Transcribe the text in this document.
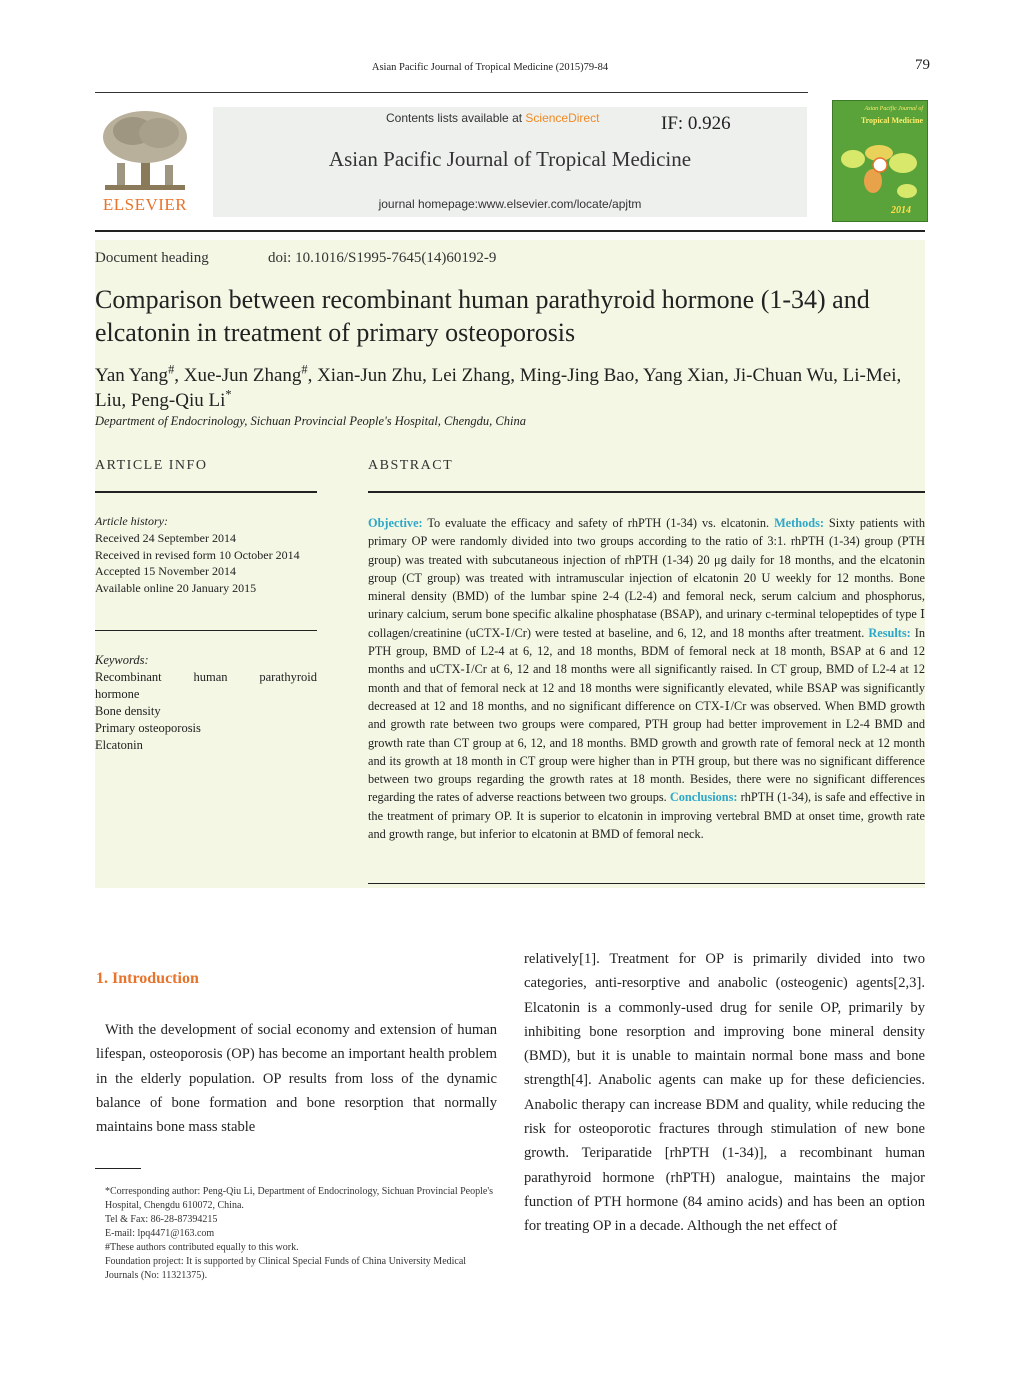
Asian Pacific Journal of Tropical Medicine (2015)79-84	79
ELSEVIER
Contents lists available at ScienceDirect	IF: 0.926
Asian Pacific Journal of Tropical Medicine
journal homepage:www.elsevier.com/locate/apjtm
Asian Pacific Journal of
Tropical Medicine
2014
Document heading	doi: 10.1016/S1995-7645(14)60192-9
Comparison between recombinant human parathyroid hormone (1-34) and elcatonin in treatment of primary osteoporosis
Yan Yang#, Xue-Jun Zhang#, Xian-Jun Zhu, Lei Zhang, Ming-Jing Bao, Yang Xian, Ji-Chuan Wu, Li-Mei, Liu, Peng-Qiu Li*
Department of Endocrinology, Sichuan Provincial People's Hospital, Chengdu, China
ARTICLE INFO	ABSTRACT
Article history:
Received 24 September 2014
Received in revised form 10 October 2014
Accepted 15 November 2014
Available online 20 January 2015
Keywords:
Recombinant human parathyroid
hormone
Bone density
Primary osteoporosis
Elcatonin
Objective: To evaluate the efficacy and safety of rhPTH (1-34) vs. elcatonin. Methods: Sixty patients with primary OP were randomly divided into two groups according to the ratio of 3:1. rhPTH (1-34) group (PTH group) was treated with subcutaneous injection of rhPTH (1-34) 20 μg daily for 18 months, and the elcatonin group (CT group) was treated with intramuscular injection of elcatonin 20 U weekly for 12 months. Bone mineral density (BMD) of the lumbar spine 2-4 (L2-4) and femoral neck, serum calcium and phosphorus, urinary calcium, serum bone specific alkaline phosphatase (BSAP), and urinary c-terminal telopeptides of type Ⅰ collagen/creatinine (uCTX-Ⅰ/Cr) were tested at baseline, and 6, 12, and 18 months after treatment. Results: In PTH group, BMD of L2-4 at 6, 12, and 18 months, BDM of femoral neck at 18 month, BSAP at 6 and 12 months and uCTX-Ⅰ/Cr at 6, 12 and 18 months were all significantly raised. In CT group, BMD of L2-4 at 12 month and that of femoral neck at 12 and 18 months were significantly elevated, while BSAP was significantly decreased at 12 and 18 months, and no significant difference on CTX-Ⅰ/Cr was observed. When BMD growth and growth rate between two groups were compared, PTH group had better improvement in L2-4 BMD and growth rate than CT group at 6, 12, and 18 months. BMD growth and growth rate of femoral neck at 12 month and its growth at 18 month in CT group were higher than in PTH group, but there was no significant difference between two groups regarding the growth rates at 18 month. Besides, there were no significant differences regarding the rates of adverse reactions between two groups. Conclusions: rhPTH (1-34), is safe and effective in the treatment of primary OP. It is superior to elcatonin in improving vertebral BMD at onset time, growth rate and growth range, but inferior to elcatonin at BMD of femoral neck.
1. Introduction
With the development of social economy and extension of human lifespan, osteoporosis (OP) has become an important health problem in the elderly population. OP results from loss of the dynamic balance of bone formation and bone resorption that normally maintains bone mass stable
relatively[1]. Treatment for OP is primarily divided into two categories, anti-resorptive and anabolic (osteogenic) agents[2,3]. Elcatonin is a commonly-used drug for senile OP, primarily by inhibiting bone resorption and improving bone mineral density (BMD), but it is unable to maintain normal bone mass and bone strength[4]. Anabolic agents can make up for these deficiencies. Anabolic therapy can increase BDM and quality, while reducing the risk for osteoporotic fractures through stimulation of new bone growth. Teriparatide [rhPTH (1-34)], a recombinant human parathyroid hormone (rhPTH) analogue, maintains the major function of PTH hormone (84 amino acids) and has been an option for treating OP in a decade. Although the net effect of
*Corresponding author: Peng-Qiu Li, Department of Endocrinology, Sichuan Provincial People's Hospital, Chengdu 610072, China.
Tel & Fax: 86-28-87394215
E-mail: lpq4471@163.com
#These authors contributed equally to this work.
Foundation project: It is supported by Clinical Special Funds of China University Medical Journals (No: 11321375).
